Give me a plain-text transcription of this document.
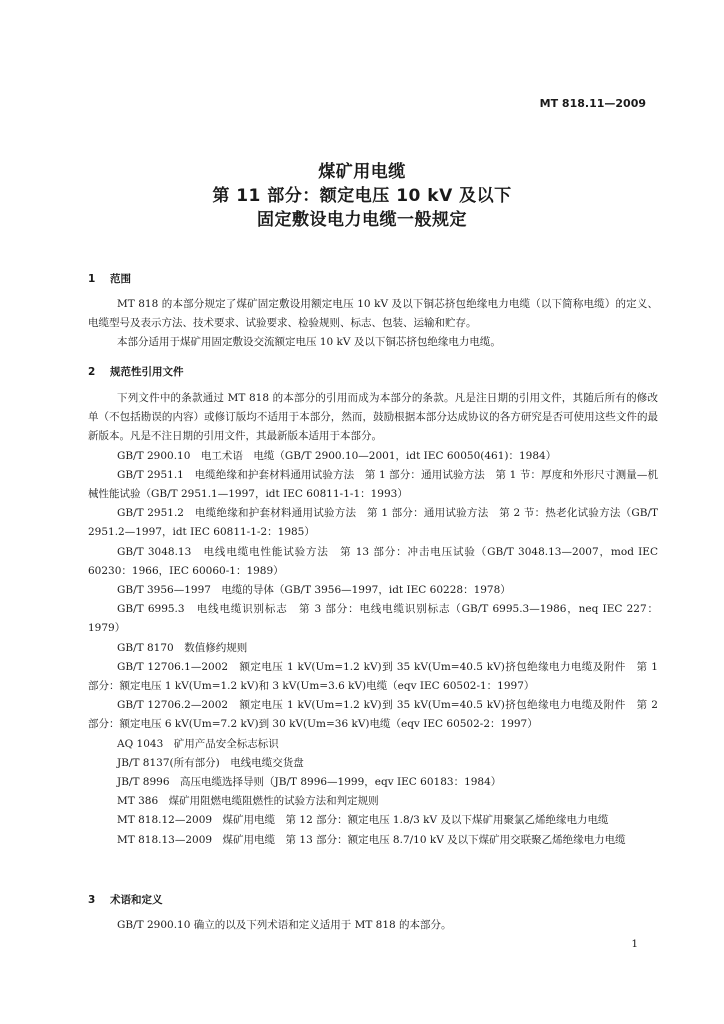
MT 818.11—2009
煤矿用电缆
第 11 部分：额定电压 10 kV 及以下
固定敷设电力电缆一般规定
1 范围

MT 818 的本部分规定了煤矿固定敷设用额定电压 10 kV 及以下铜芯挤包绝缘电力电缆（以下简称电缆）的定义、电缆型号及表示方法、技术要求、试验要求、检验规则、标志、包装、运输和贮存。

本部分适用于煤矿用固定敷设交流额定电压 10 kV 及以下铜芯挤包绝缘电力电缆。

2 规范性引用文件

下列文件中的条款通过 MT 818 的本部分的引用而成为本部分的条款。凡是注日期的引用文件，其随后所有的修改单（不包括勘误的内容）或修订版均不适用于本部分，然而，鼓励根据本部分达成协议的各方研究是否可使用这些文件的最新版本。凡是不注日期的引用文件，其最新版本适用于本部分。

GB/T 2900.10　电工术语　电缆（GB/T 2900.10—2001，idt IEC 60050(461)：1984）

GB/T 2951.1　电缆绝缘和护套材料通用试验方法　第 1 部分：通用试验方法　第 1 节：厚度和外形尺寸测量—机械性能试验（GB/T 2951.1—1997，idt IEC 60811-1-1：1993）

GB/T 2951.2　电缆绝缘和护套材料通用试验方法　第 1 部分：通用试验方法　第 2 节：热老化试验方法（GB/T 2951.2—1997，idt IEC 60811-1-2：1985）

GB/T 3048.13　电线电缆电性能试验方法　第 13 部分：冲击电压试验（GB/T 3048.13—2007，mod IEC 60230：1966，IEC 60060-1：1989）

GB/T 3956—1997　电缆的导体（GB/T 3956—1997，idt IEC 60228：1978）

GB/T 6995.3　电线电缆识别标志　第 3 部分：电线电缆识别标志（GB/T 6995.3—1986，neq IEC 227：1979）

GB/T 8170　数值修约规则

GB/T 12706.1—2002　额定电压 1 kV(Um=1.2 kV)到 35 kV(Um=40.5 kV)挤包绝缘电力电缆及附件　第 1 部分：额定电压 1 kV(Um=1.2 kV)和 3 kV(Um=3.6 kV)电缆（eqv IEC 60502-1：1997）

GB/T 12706.2—2002　额定电压 1 kV(Um=1.2 kV)到 35 kV(Um=40.5 kV)挤包绝缘电力电缆及附件　第 2 部分：额定电压 6 kV(Um=7.2 kV)到 30 kV(Um=36 kV)电缆（eqv IEC 60502-2：1997）

AQ 1043　矿用产品安全标志标识

JB/T 8137(所有部分)　电线电缆交货盘

JB/T 8996　高压电缆选择导则（JB/T 8996—1999，eqv IEC 60183：1984）

MT 386　煤矿用阻燃电缆阻燃性的试验方法和判定规则

MT 818.12—2009　煤矿用电缆　第 12 部分：额定电压 1.8/3 kV 及以下煤矿用聚氯乙烯绝缘电力电缆

MT 818.13—2009　煤矿用电缆　第 13 部分：额定电压 8.7/10 kV 及以下煤矿用交联聚乙烯绝缘电力电缆

3 术语和定义

GB/T 2900.10 确立的以及下列术语和定义适用于 MT 818 的本部分。

1
